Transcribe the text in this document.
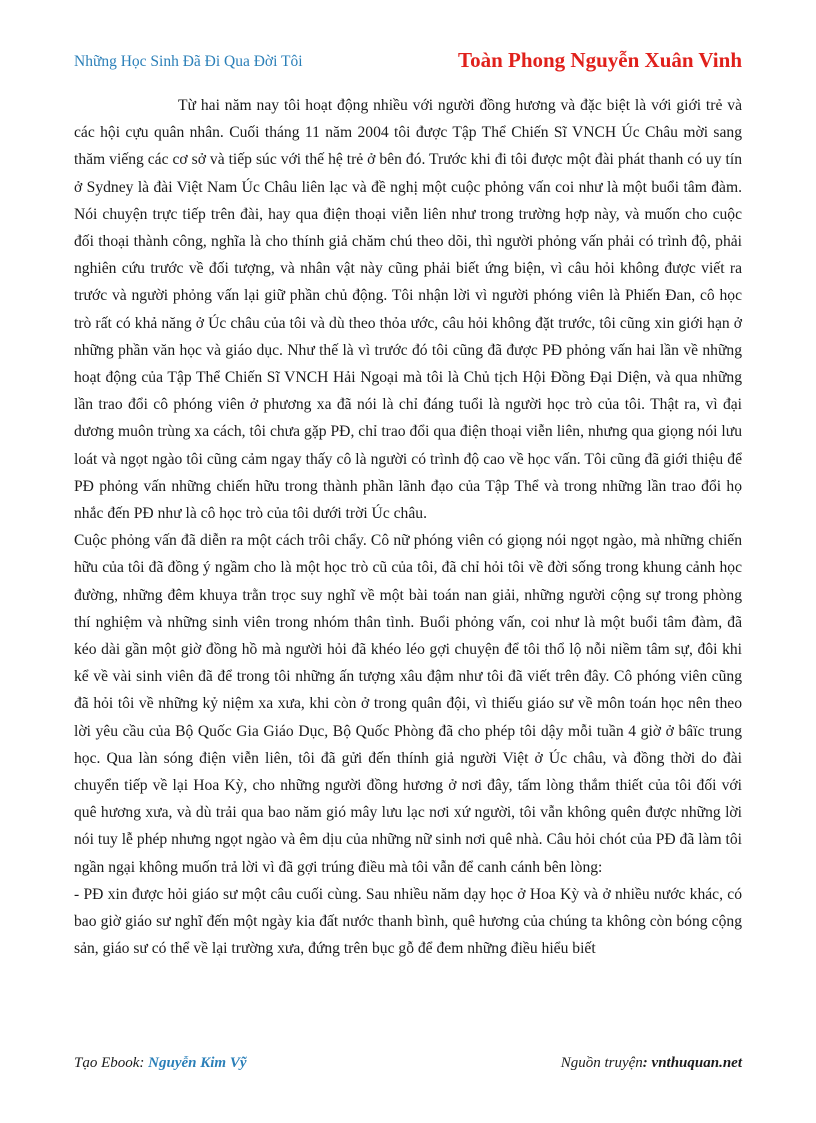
Những Học Sinh Đã Đi Qua Đời Tôi	Toàn Phong Nguyễn Xuân Vinh

Từ hai năm nay tôi hoạt động nhiều với người đồng hương và đặc biệt là với giới trẻ và các hội cựu quân nhân. Cuối tháng 11 năm 2004 tôi được Tập Thể Chiến Sĩ VNCH Úc Châu mời sang thăm viếng các cơ sở và tiếp súc với thế hệ trẻ ở bên đó. Trước khi đi tôi được một đài phát thanh có uy tín ở Sydney là đài Việt Nam Úc Châu liên lạc và đề nghị một cuộc phỏng vấn coi như là một buổi tâm đàm. Nói chuyện trực tiếp trên đài, hay qua điện thoại viễn liên như trong trường hợp này, và muốn cho cuộc đối thoại thành công, nghĩa là cho thính giả chăm chú theo dõi, thì người phỏng vấn phải có trình độ, phải nghiên cứu trước về đối tượng, và nhân vật này cũng phải biết ứng biện, vì câu hỏi không được viết ra trước và người phỏng vấn lại giữ phần chủ động. Tôi nhận lời vì người phóng viên là Phiến Đan, cô học trò rất có khả năng ở Úc châu của tôi và dù theo thỏa ước, câu hỏi không đặt trước, tôi cũng xin giới hạn ở những phần văn học và giáo dục. Như thế là vì trước đó tôi cũng đã được PĐ phỏng vấn hai lần về những hoạt động của Tập Thể Chiến Sĩ VNCH Hải Ngoại mà tôi là Chủ tịch Hội Đồng Đại Diện, và qua những lần trao đổi cô phóng viên ở phương xa đã nói là chỉ đáng tuổi là người học trò của tôi. Thật ra, vì đại dương muôn trùng xa cách, tôi chưa gặp PĐ, chỉ trao đổi qua điện thoại viễn liên, nhưng qua giọng nói lưu loát và ngọt ngào tôi cũng cảm ngay thấy cô là người có trình độ cao về học vấn. Tôi cũng đã giới thiệu để PĐ phỏng vấn những chiến hữu trong thành phần lãnh đạo của Tập Thể và trong những lần trao đổi họ nhắc đến PĐ như là cô học trò của tôi dưới trời Úc châu.

Cuộc phỏng vấn đã diễn ra một cách trôi chẩy. Cô nữ phóng viên có giọng nói ngọt ngào, mà những chiến hữu của tôi đã đồng ý ngầm cho là một học trò cũ của tôi, đã chỉ hỏi tôi về đời sống trong khung cảnh học đường, những đêm khuya trằn trọc suy nghĩ về một bài toán nan giải, những người cộng sự trong phòng thí nghiệm và những sinh viên trong nhóm thân tình. Buổi phỏng vấn, coi như là một buổi tâm đàm, đã kéo dài gần một giờ đồng hồ mà người hỏi đã khéo léo gợi chuyện để tôi thổ lộ nỗi niềm tâm sự, đôi khi kể về vài sinh viên đã để trong tôi những ấn tượng xâu đậm như tôi đã viết trên đây. Cô phóng viên cũng đã hỏi tôi về những kỷ niệm xa xưa, khi còn ở trong quân đội, vì thiếu giáo sư về môn toán học nên theo lời yêu cầu của Bộ Quốc Gia Giáo Dục, Bộ Quốc Phòng đã cho phép tôi dậy mỗi tuần 4 giờ ở bâïc trung học. Qua làn sóng điện viễn liên, tôi đã gửi đến thính giả người Việt ở Úc châu, và đồng thời do đài chuyển tiếp về lại Hoa Kỳ, cho những người đồng hương ở nơi đây, tấm lòng thắm thiết của tôi đối với quê hương xưa, và dù trải qua bao năm gió mây lưu lạc nơi xứ người, tôi vẫn không quên được những lời nói tuy lễ phép nhưng ngọt ngào và êm dịu của những nữ sinh nơi quê nhà. Câu hỏi chót của PĐ đã làm tôi ngần ngại không muốn trả lời vì đã gợi trúng điều mà tôi vẫn để canh cánh bên lòng:

- PĐ xin được hỏi giáo sư một câu cuối cùng. Sau nhiều năm dạy học ở Hoa Kỳ và ở nhiều nước khác, có bao giờ giáo sư nghĩ đến một ngày kia đất nước thanh bình, quê hương của chúng ta không còn bóng cộng sản, giáo sư có thể về lại trường xưa, đứng trên bục gỗ để đem những điều hiểu biết

Tạo Ebook: Nguyễn Kim Vỹ	Nguồn truyện: vnthuquan.net
